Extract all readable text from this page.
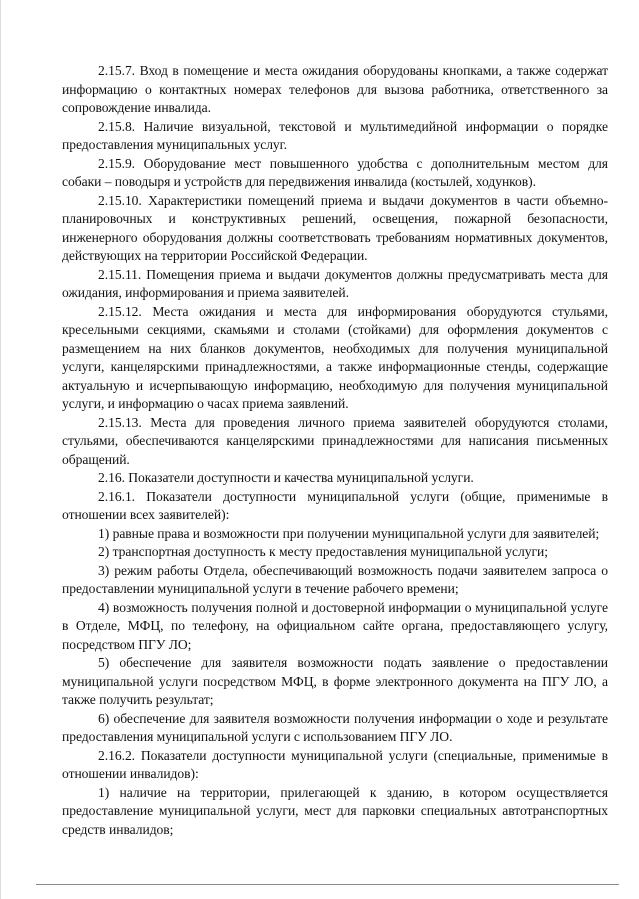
2.15.7. Вход в помещение и места ожидания оборудованы кнопками, а также содержат информацию о контактных номерах телефонов для вызова работника, ответственного за сопровождение инвалида.

2.15.8. Наличие визуальной, текстовой и мультимедийной информации о порядке предоставления муниципальных услуг.

2.15.9. Оборудование мест повышенного удобства с дополнительным местом для собаки – поводыря и устройств для передвижения инвалида (костылей, ходунков).

2.15.10. Характеристики помещений приема и выдачи документов в части объемно-планировочных и конструктивных решений, освещения, пожарной безопасности, инженерного оборудования должны соответствовать требованиям нормативных документов, действующих на территории Российской Федерации.

2.15.11. Помещения приема и выдачи документов должны предусматривать места для ожидания, информирования и приема заявителей.

2.15.12. Места ожидания и места для информирования оборудуются стульями, кресельными секциями, скамьями и столами (стойками) для оформления документов с размещением на них бланков документов, необходимых для получения муниципальной услуги, канцелярскими принадлежностями, а также информационные стенды, содержащие актуальную и исчерпывающую информацию, необходимую для получения муниципальной услуги, и информацию о часах приема заявлений.

2.15.13. Места для проведения личного приема заявителей оборудуются столами, стульями, обеспечиваются канцелярскими принадлежностями для написания письменных обращений.

2.16. Показатели доступности и качества муниципальной услуги.

2.16.1. Показатели доступности муниципальной услуги (общие, применимые в отношении всех заявителей):

1) равные права и возможности при получении муниципальной услуги для заявителей;

2) транспортная доступность к месту предоставления муниципальной услуги;

3) режим работы Отдела, обеспечивающий возможность подачи заявителем запроса о предоставлении муниципальной услуги в течение рабочего времени;

4) возможность получения полной и достоверной информации о муниципальной услуге в Отделе, МФЦ, по телефону, на официальном сайте органа, предоставляющего услугу, посредством ПГУ ЛО;

5) обеспечение для заявителя возможности подать заявление о предоставлении муниципальной услуги посредством МФЦ, в форме электронного документа на ПГУ ЛО, а также получить результат;

6) обеспечение для заявителя возможности получения информации о ходе и результате предоставления муниципальной услуги с использованием ПГУ ЛО.

2.16.2. Показатели доступности муниципальной услуги (специальные, применимые в отношении инвалидов):

1) наличие на территории, прилегающей к зданию, в котором осуществляется предоставление муниципальной услуги, мест для парковки специальных автотранспортных средств инвалидов;
